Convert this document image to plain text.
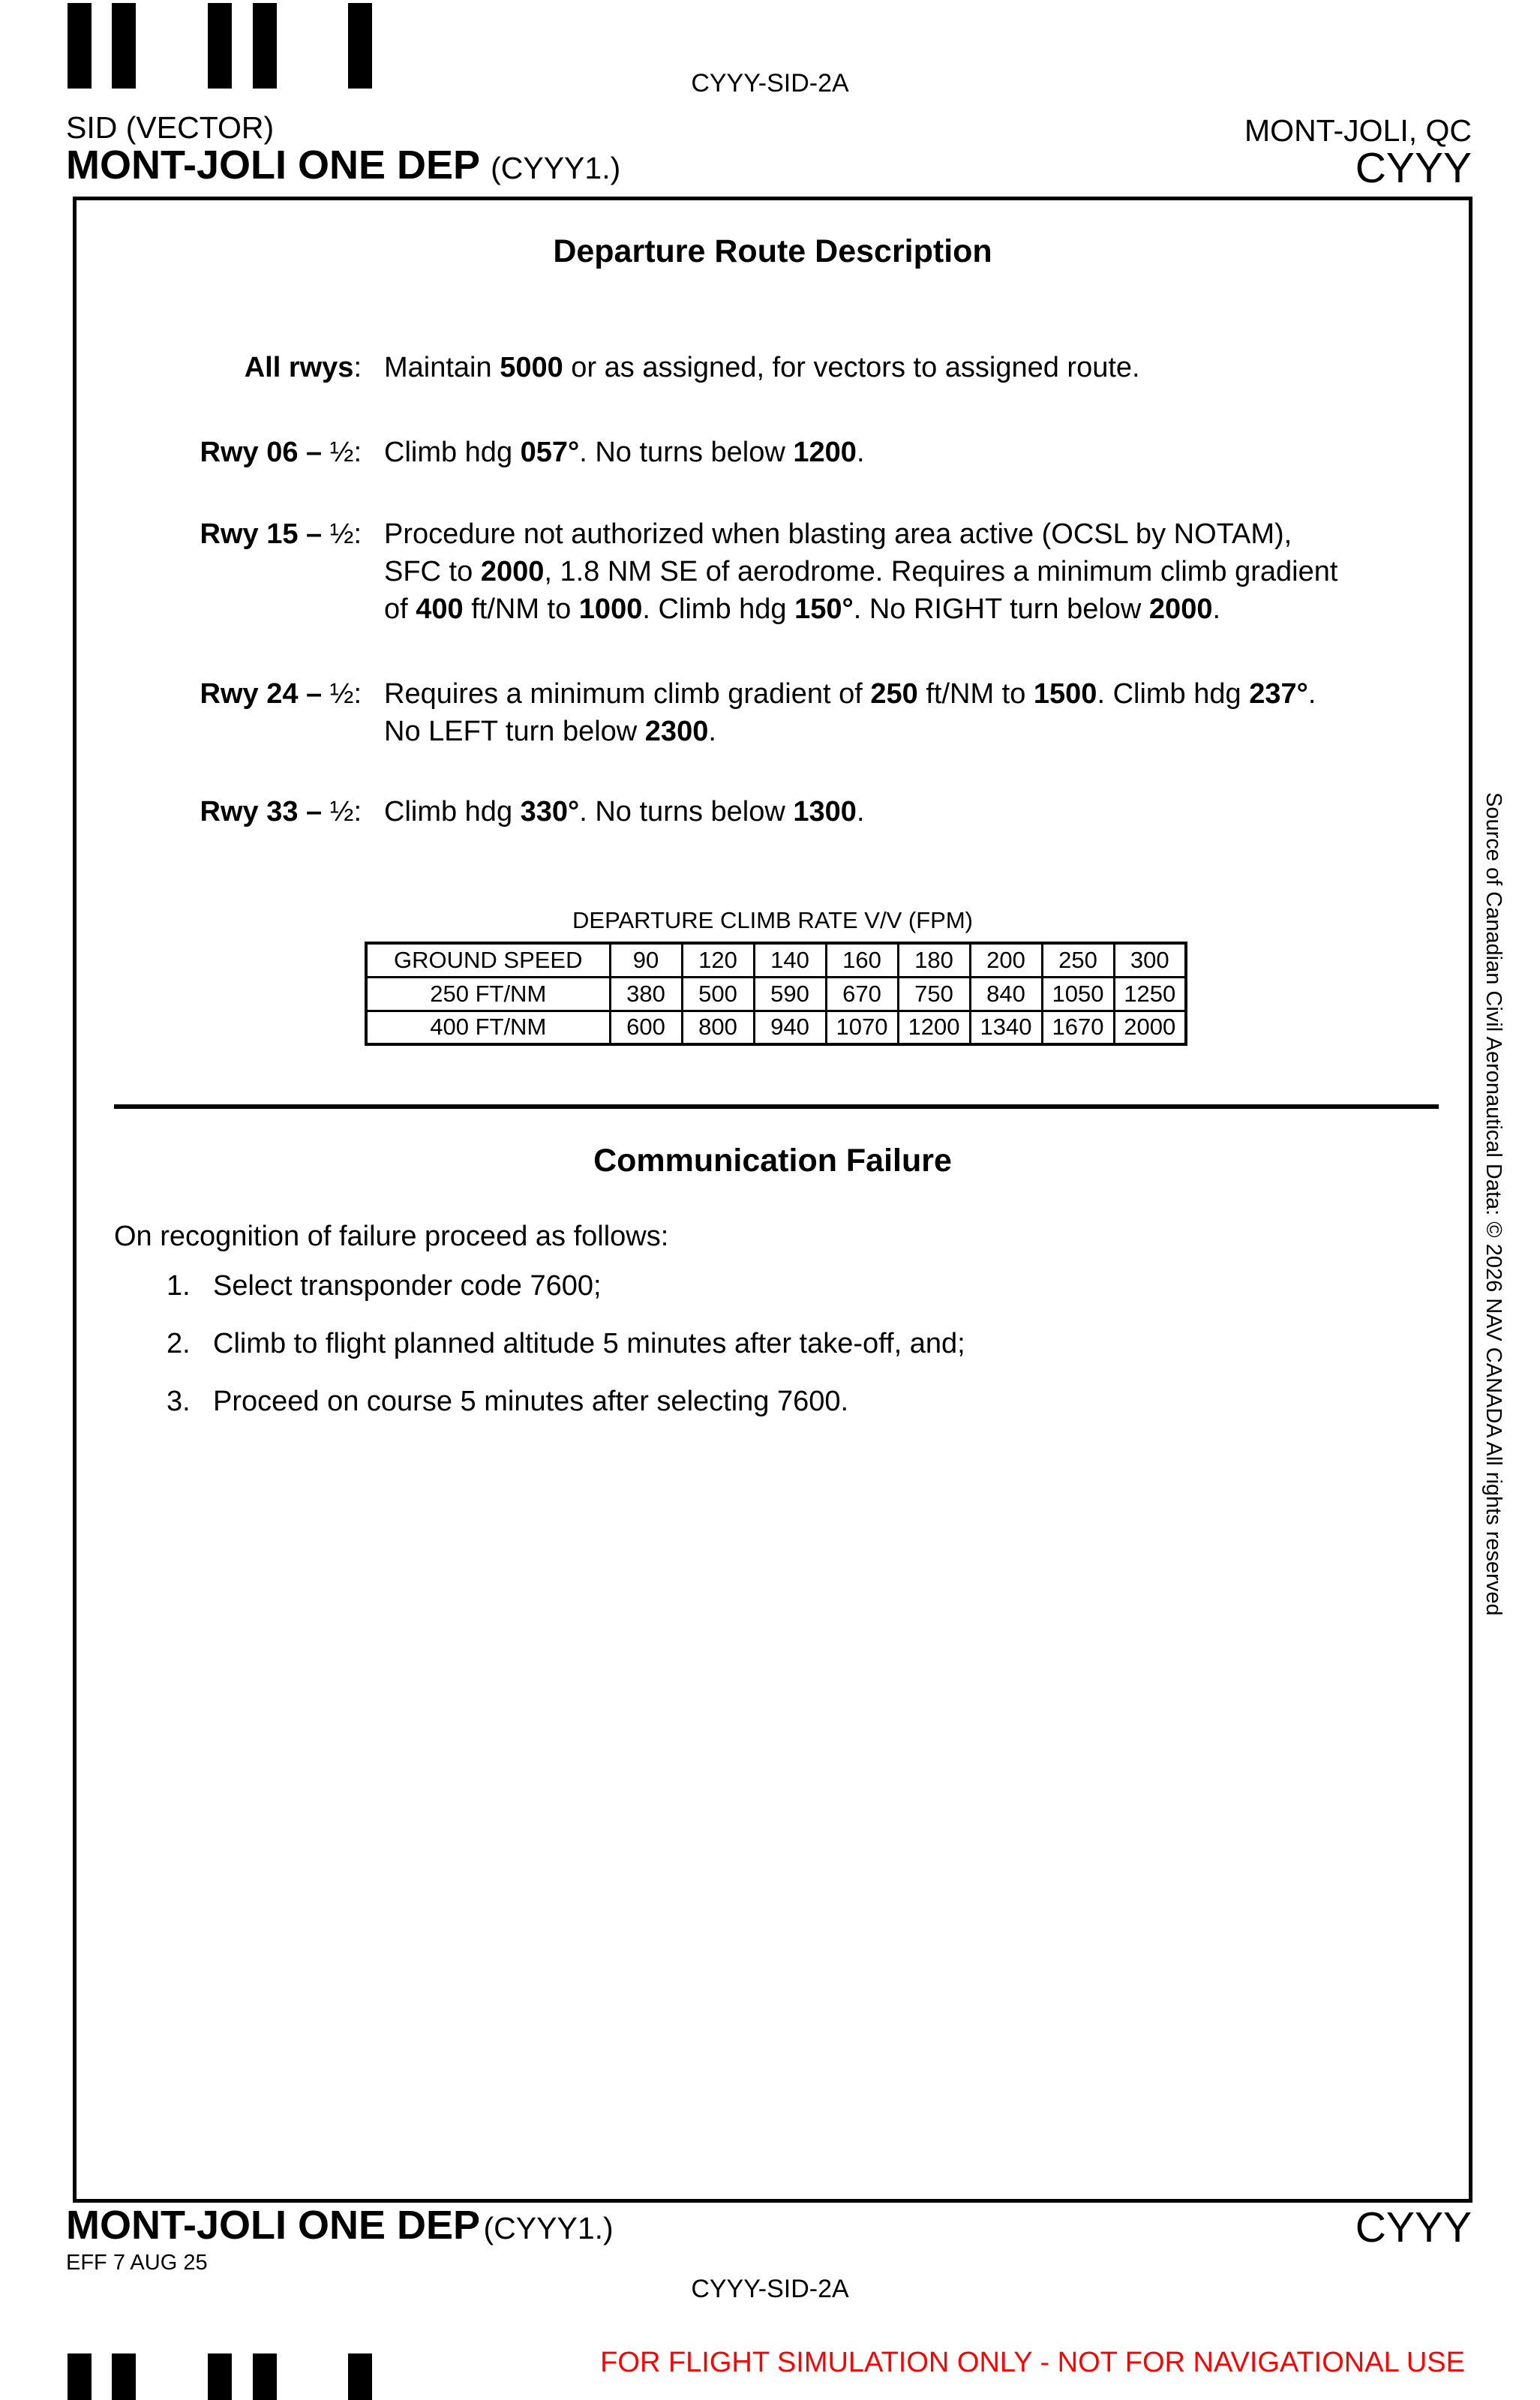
CYYY-SID-2A
SID (VECTOR)
MONT-JOLI ONE DEP (CYYY1.)
MONT-JOLI, QC
CYYY
Departure Route Description
All rwys: Maintain 5000 or as assigned, for vectors to assigned route.
Rwy 06 – ½: Climb hdg 057°. No turns below 1200.
Rwy 15 – ½: Procedure not authorized when blasting area active (OCSL by NOTAM),
SFC to 2000, 1.8 NM SE of aerodrome. Requires a minimum climb gradient
of 400 ft/NM to 1000. Climb hdg 150°. No RIGHT turn below 2000.
Rwy 24 – ½: Requires a minimum climb gradient of 250 ft/NM to 1500. Climb hdg 237°.
No LEFT turn below 2300.
Rwy 33 – ½: Climb hdg 330°. No turns below 1300.
DEPARTURE CLIMB RATE V/V (FPM)
GROUND SPEED	90	120	140	160	180	200	250	300
250 FT/NM	380	500	590	670	750	840	1050	1250
400 FT/NM	600	800	940	1070	1200	1340	1670	2000
Communication Failure
On recognition of failure proceed as follows:
1. Select transponder code 7600;
2. Climb to flight planned altitude 5 minutes after take-off, and;
3. Proceed on course 5 minutes after selecting 7600.	Source of Canadian Civil Aeronautical Data: © 2026 NAV CANADA All rights reserved
MONT-JOLI ONE DEP (CYYY1.)
EFF 7 AUG 25
CYYY
CYYY-SID-2A
FOR FLIGHT SIMULATION ONLY - NOT FOR NAVIGATIONAL USE
